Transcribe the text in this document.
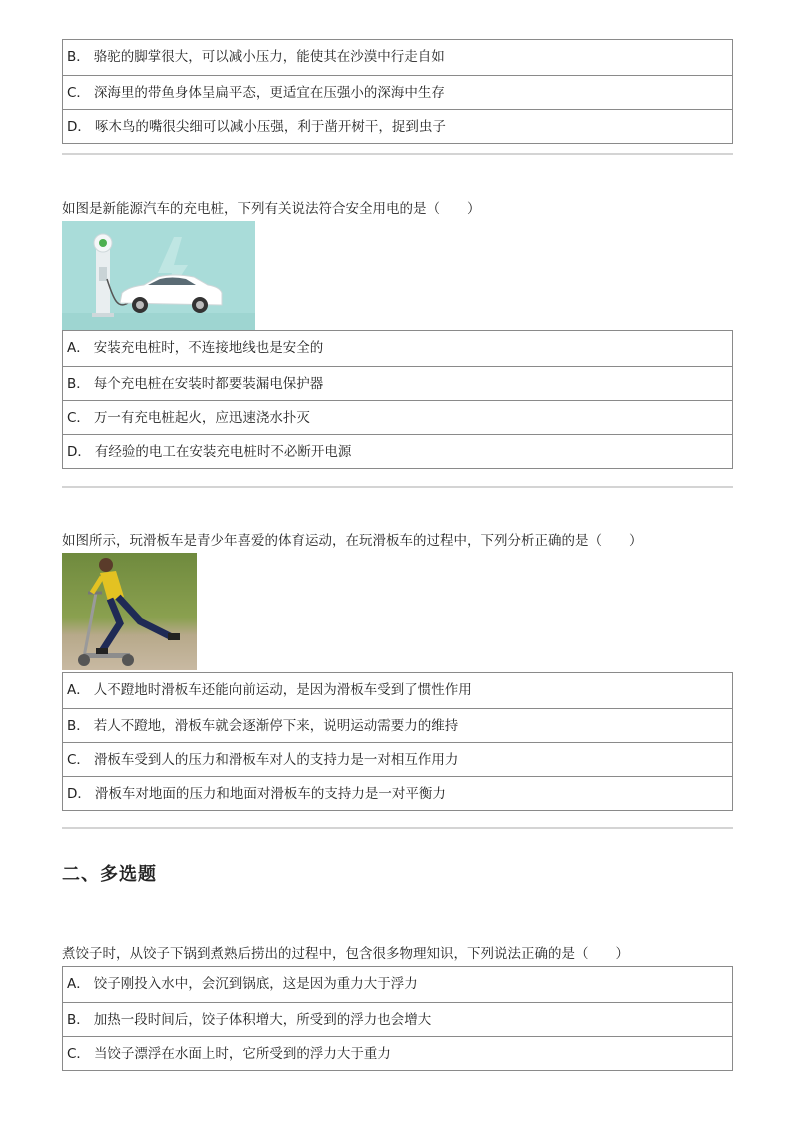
B． 骆驼的脚掌很大，可以减小压力，能使其在沙漠中行走自如
C． 深海里的带鱼身体呈扁平态，更适宜在压强小的深海中生存
D． 啄木鸟的嘴很尖细可以减小压强，利于凿开树干，捉到虫子
如图是新能源汽车的充电桩，下列有关说法符合安全用电的是（　　）
A． 安装充电桩时，不连接地线也是安全的
B． 每个充电桩在安装时都要装漏电保护器
C． 万一有充电桩起火，应迅速浇水扑灭
D． 有经验的电工在安装充电桩时不必断开电源
如图所示，玩滑板车是青少年喜爱的体育运动，在玩滑板车的过程中，下列分析正确的是（　　）
A． 人不蹬地时滑板车还能向前运动，是因为滑板车受到了惯性作用
B． 若人不蹬地，滑板车就会逐渐停下来，说明运动需要力的维持
C． 滑板车受到人的压力和滑板车对人的支持力是一对相互作用力
D． 滑板车对地面的压力和地面对滑板车的支持力是一对平衡力
二、多选题
煮饺子时，从饺子下锅到煮熟后捞出的过程中，包含很多物理知识，下列说法正确的是（　　）
A． 饺子刚投入水中，会沉到锅底，这是因为重力大于浮力
B． 加热一段时间后，饺子体积增大，所受到的浮力也会增大
C． 当饺子漂浮在水面上时，它所受到的浮力大于重力
